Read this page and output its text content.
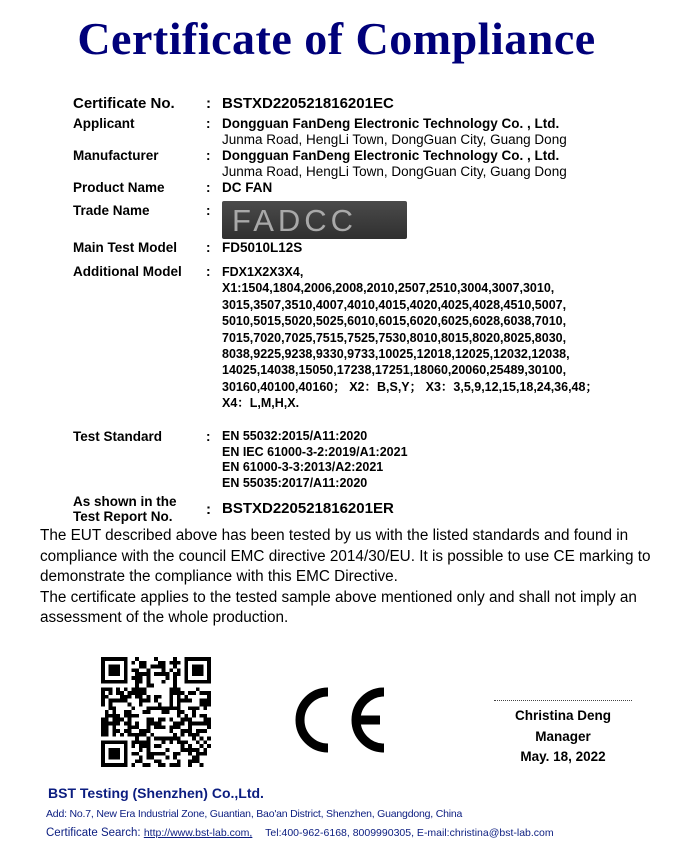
Certificate of Compliance
Certificate No. : BSTXD220521816201EC
Applicant	: Dongguan FanDeng Electronic Technology Co. , Ltd.
Junma Road, HengLi Town, DongGuan City, Guang Dong
Manufacturer	: Dongguan FanDeng Electronic Technology Co. , Ltd.
Junma Road, HengLi Town, DongGuan City, Guang Dong
Product Name	: DC FAN
Trade Name	: FADCC
Main Test Model : FD5010L12S
Additional Model : FDX1X2X3X4,
X1:1504,1804,2006,2008,2010,2507,2510,3004,3007,3010,
3015,3507,3510,4007,4010,4015,4020,4025,4028,4510,5007,
5010,5015,5020,5025,6010,6015,6020,6025,6028,6038,7010,
7015,7020,7025,7515,7525,7530,8010,8015,8020,8025,8030,
8038,9225,9238,9330,9733,10025,12018,12025,12032,12038,
14025,14038,15050,17238,17251,18060,20060,25489,30100,
30160,40100,40160； X2：B,S,Y； X3：3,5,9,12,15,18,24,36,48；
X4：L,M,H,X.
Test Standard	: EN 55032:2015/A11:2020
EN IEC 61000-3-2:2019/A1:2021
EN 61000-3-3:2013/A2:2021
EN 55035:2017/A11:2020
As shown in the
Test Report No. : BSTXD220521816201ER

The EUT described above has been tested by us with the listed standards and found in compliance with the council EMC directive 2014/30/EU. It is possible to use CE marking to demonstrate the compliance with this EMC Directive.

The certificate applies to the tested sample above mentioned only and shall not imply an assessment of the whole production.

Christina Deng
Manager
May. 18, 2022
BST Testing (Shenzhen) Co.,Ltd.
Add: No.7, New Era Industrial Zone, Guantian, Bao'an District, Shenzhen, Guangdong, China
Certificate Search: http://www.bst-lab.com, Tel:400-962-6168, 8009990305, E-mail:christina@bst-lab.com
